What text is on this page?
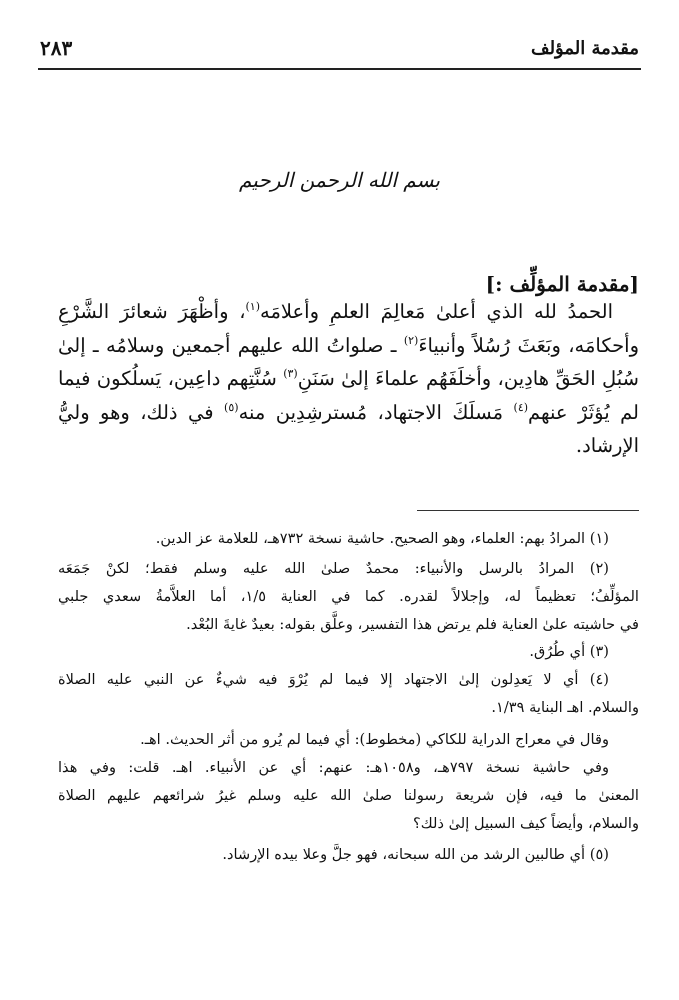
مقدمة المؤلف
٢٨٣
بسم الله الرحمن الرحيم
[مقدمة المؤلِّف :]
الحمدُ لله الذي أعلىٰ مَعالِمَ العلمِ وأعلامَه$^{(١)}$، وأظْهَرَ شعائرَ الشَّرْعِ
وأحكامَه، وبَعَثَ رُسُلاً وأنبياءَ$^{(٢)}$ ـ صلواتُ الله عليهم أجمعين وسلامُه ـ إلىٰ
سُبُلِ الحَقِّ هادِين، وأخلَفَهُم علماءَ إلىٰ سَنَنِ$^{(٣)}$ سُنَّتِهم داعِين، يَسلُكون فيما
لم يُؤثَرْ عنهم$^{(٤)}$ مَسلَكَ الاجتهاد، مُسترشِدِين منه$^{(٥)}$ في ذلك، وهو وليُّ
الإرشاد.
(١) المرادُ بهم: العلماء، وهو الصحيح. حاشية نسخة ٧٣٢هـ، للعلامة عز الدين.
(٢) المرادُ بالرسل والأنبياء: محمدٌ صلىٰ الله عليه وسلم فقط؛ لكنْ جَمَعَه
المؤلِّفُ؛ تعظيماً له، وإجلالاً لقدره. كما في العناية ١/٥، أما العلاَّمةُ سعدي جلبي
في حاشيته علىٰ العناية فلم يرتض هذا التفسير، وعلَّق بقوله: بعيدٌ غايةَ البُعْد.
(٣) أي طُرُق.
(٤) أي لا يَعدِلون إلىٰ الاجتهاد إلا فيما لم يُرْوَ فيه شيءٌ عن النبي عليه الصلاة
والسلام. اهـ البناية ١/٣٩.
وقال في معراج الدراية للكاكي (مخطوط): أي فيما لم يُرو من أثر الحديث. اهـ.
وفي حاشية نسخة ٧٩٧هـ، و١٠٥٨هـ: عنهم: أي عن الأنبياء. اهـ. قلت: وفي هذا
المعنىٰ ما فيه، فإن شريعة رسولنا صلىٰ الله عليه وسلم غيرُ شرائعهم عليهم الصلاة
والسلام، وأيضاً كيف السبيل إلىٰ ذلك؟
(٥) أي طالبين الرشد من الله سبحانه، فهو جلَّ وعلا بيده الإرشاد.
